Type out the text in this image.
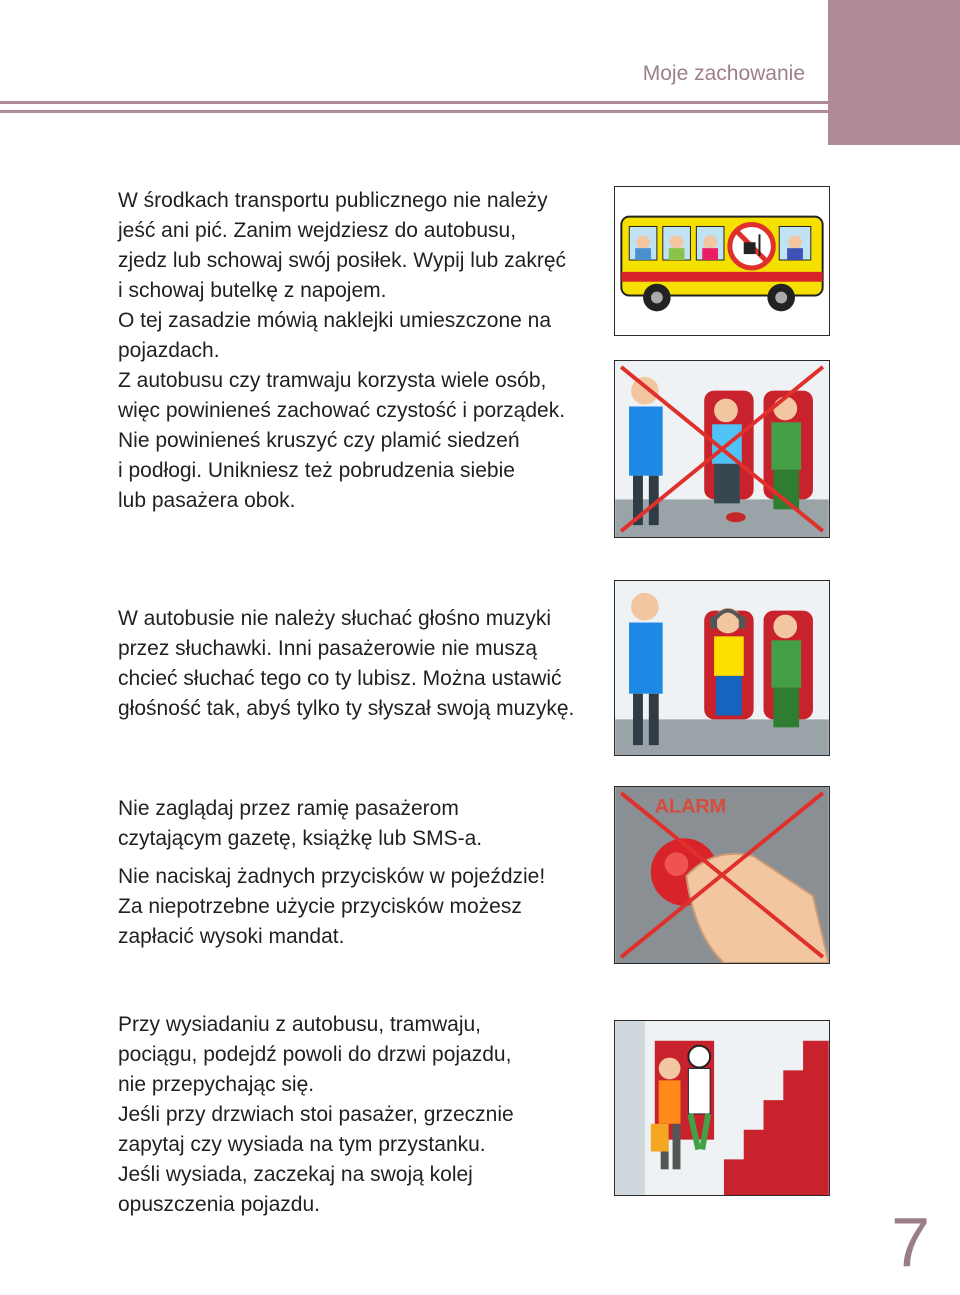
Moje zachowanie

W środkach transportu publicznego nie należy

jeść ani pić. Zanim wejdziesz do autobusu,

zjedz lub schowaj swój posiłek. Wypij lub zakręć

i schowaj butelkę z napojem.

O tej zasadzie mówią naklejki umieszczone na

pojazdach.

Z autobusu czy tramwaju korzysta wiele osób,

więc powinieneś zachować czystość i porządek.

Nie powinieneś kruszyć czy plamić siedzeń

i podłogi. Unikniesz też pobrudzenia siebie

lub pasażera obok.

W autobusie nie należy słuchać głośno muzyki

przez słuchawki. Inni pasażerowie nie muszą

chcieć słuchać tego co ty lubisz. Można ustawić

głośność tak, abyś tylko ty słyszał swoją muzykę.

Nie zaglądaj przez ramię pasażerom

czytającym gazetę, książkę lub SMS-a.

Nie naciskaj żadnych przycisków w pojeździe!

Za niepotrzebne użycie przycisków możesz

zapłacić wysoki mandat.

ALARM

Przy wysiadaniu z autobusu, tramwaju,

pociągu, podejdź powoli do drzwi pojazdu,

nie przepychając się.

Jeśli przy drzwiach stoi pasażer, grzecznie

zapytaj czy wysiada na tym przystanku.

Jeśli wysiada, zaczekaj na swoją kolej

opuszczenia pojazdu.	7
